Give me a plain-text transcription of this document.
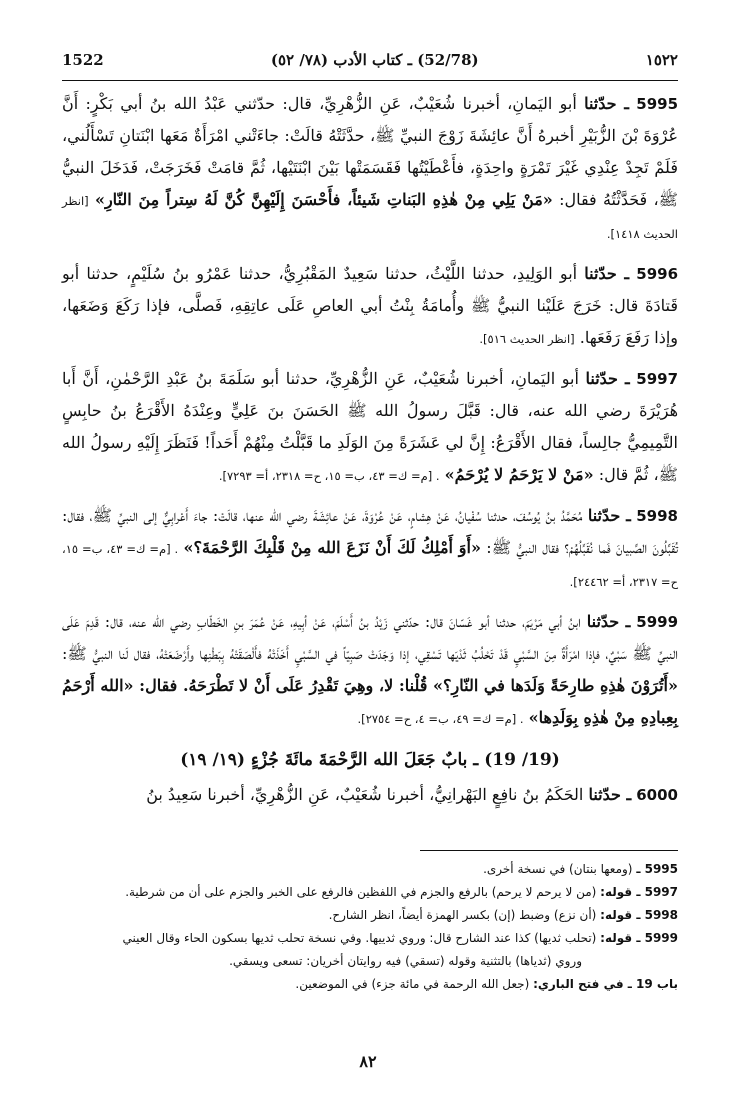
1522	(52/78) ـ كتاب الأدب (٧٨/ ٥٢)	١٥٢٢

5995 ـ حدّثنا أبو اليَمانِ، أخبرنا شُعَيْبٌ، عَنِ الزُّهْرِيِّ، قال: حدّثني عَبْدُ الله بنُ أبي بَكْرٍ: أَنَّ عُرْوَةَ بْنَ الزُّبَيْرِ أخبرهُ أَنَّ عائِشَةَ زَوْجَ النبيِّ ﷺ، حدَّثَتْهُ قالَتْ: جاءَتْني امْرَأَةٌ مَعَها ابْنَتانِ تَسْأَلُني، فَلَمْ تَجِدْ عِنْدِي غَيْرَ تَمْرَةٍ واحِدَةٍ، فأَعْطَيْتُها فَقَسَمَتْها بَيْنَ ابْنَتَيْها، ثُمَّ قامَتْ فَخَرَجَتْ، فَدَخَلَ النبيُّ ﷺ، فَحَدَّثْتُهُ فقال: «مَنْ يَلِي مِنْ هٰذِهِ البَناتِ شَيئاً، فأَحْسَنَ إِلَيْهِنَّ كُنَّ لَهُ سِتراً مِنَ النّارِ» [انظر الحديث ١٤١٨].

5996 ـ حدّثنا أبو الوَلِيدِ، حدثنا اللَّيْثُ، حدثنا سَعِيدٌ المَقْبُرِيُّ، حدثنا عَمْرُو بنُ سُلَيْمٍ، حدثنا أبو قَتادَةَ قال: خَرَجَ عَلَيْنا النبيُّ ﷺ وأُمامَةُ بِنْتُ أبي العاصِ عَلَى عاتِقِهِ، فَصلَّى، فإذا رَكَعَ وَضَعَها، وإذا رَفَعَ رَفَعَها. [انظر الحديث ٥١٦].

5997 ـ حدّثنا أبو اليَمانِ، أخبرنا شُعَيْبٌ، عَنِ الزُّهْرِيِّ، حدثنا أبو سَلَمَةَ بنُ عَبْدِ الرَّحْمٰنِ، أَنَّ أَبا هُرَيْرَةَ رضي الله عنه، قال: قَبَّلَ رسولُ الله ﷺ الحَسَنَ بنَ عَلِيٍّ وعِنْدَهُ الأَقْرَعُ بنُ حابِسٍ التَّمِيمِيُّ جالِساً، فقال الأَقْرَعُ: إِنَّ لي عَشَرَةً مِنَ الوَلَدِ ما قَبَّلْتُ مِنْهُمْ أَحَداً! فَنَظَرَ إِلَيْهِ رسولُ الله ﷺ، ثُمَّ قال: «مَنْ لا يَرْحَمُ لا يُرْحَمُ» . [م= ك= ٤٣، ب= ١٥، ح= ٢٣١٨، أ= ٧٢٩٣].

5998 ـ حدّثنا مُحَمَّدُ بنُ يُوسُفَ، حدثنا سُفْيانُ، عَنْ هِشامٍ، عَنْ عُرْوَةَ، عَنْ عائِشَةَ رضي الله عنها، قالَتْ: جاءَ أَعْرابِيٌّ إلى النبيِّ ﷺ، فقال: تُقَبِّلُونَ الصِّبيانَ فَما نُقَبِّلُهُمْ؟ فقال النبيُّ ﷺ: «أَوَ أَمْلِكُ لَكَ أَنْ نَزَعَ الله مِنْ قَلْبِكَ الرَّحْمَةَ؟» . [م= ك= ٤٣، ب= ١٥، ح= ٢٣١٧، أ= ٢٤٤٦٢].

5999 ـ حدّثنا ابنُ أبي مَرْيَمَ، حدثنا أبو غَسّانَ قال: حدّثني زَيْدُ بنُ أَسْلَمَ، عَنْ أبِيهِ، عَنْ عُمَرَ بنِ الخَطّابِ رضي الله عنه، قال: قَدِمَ عَلَى النبيِّ ﷺ سَبْيٌ، فإذا امْرَأَةٌ مِنَ السَّبْيِ قَدْ تَحْلُبُ ثَدْيَها تَسْقِي، إذا وَجَدَتْ صَبِيّاً في السَّبْيِ أَخَذَتْهُ فأَلْصَقَتْهُ بِبَطْنِها وأَرْضَعَتْهُ، فقال لَنا النبيُّ ﷺ: «أَتُرَوْنَ هٰذِهِ طارِحَةً وَلَدَها في النّارِ؟» قُلْنا: لا، وهِيَ تَقْدِرُ عَلَى أَنْ لا تَطْرَحَهُ. فقال: «الله أَرْحَمُ بِعِبادِهِ مِنْ هٰذِهِ بِوَلَدِها» . [م= ك= ٤٩، ب= ٤، ح= ٢٧٥٤].

(19/ 19) ـ بابٌ جَعَلَ الله الرَّحْمَةَ مائَةَ جُزْءٍ (١٩/ ١٩)

6000 ـ حدّثنا الحَكَمُ بنُ نافِعٍ البَهْرانِيُّ، أخبرنا شُعَيْبٌ، عَنِ الزُّهْرِيِّ، أخبرنا سَعِيدُ بنُ

5995 ـ (ومعها بنتان) في نسخة أخرى.

5997 ـ قوله: (من لا يرحم لا يرحم) بالرفع والجزم في اللفظين فالرفع على الخبر والجزم على أن من شرطية.

5998 ـ قوله: (أن نزع) وضبط (إن) بكسر الهمزة أيضاً، انظر الشارح.

5999 ـ قوله: (تحلب ثديها) كذا عند الشارح قال: وروي ثدييها. وفي نسخة تحلب ثديها بسكون الحاء وقال العيني

وروي (ثدياها) بالتثنية وقوله (تسقي) فيه روايتان أخريان: تسعى ويسقي.

باب 19 ـ في فتح الباري: (جعل الله الرحمة في مائة جزء) في الموضعين.

٨٢
